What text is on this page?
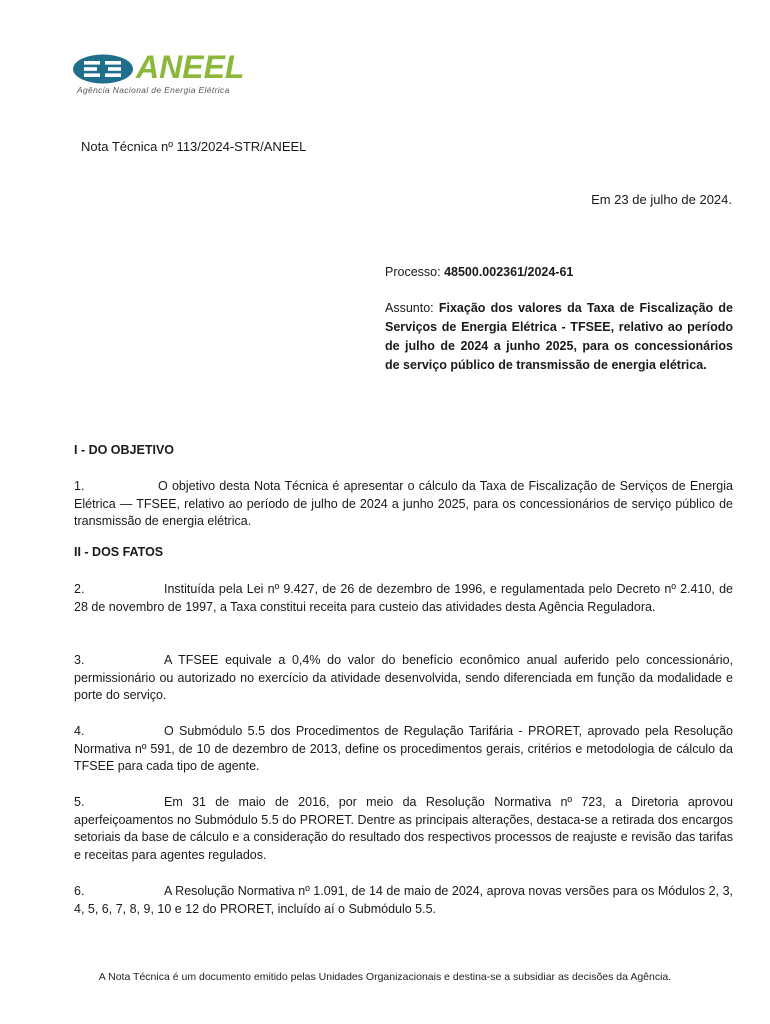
ANEEL
Agência Nacional de Energia Elétrica
Nota Técnica nº 113/2024-STR/ANEEL
Em 23 de julho de 2024.
Processo: 48500.002361/2024-61
Assunto: Fixação dos valores da Taxa de Fiscalização de Serviços de Energia Elétrica - TFSEE, relativo ao período de julho de 2024 a junho 2025, para os concessionários de serviço público de transmissão de energia elétrica.
I - DO OBJETIVO
1.	O objetivo desta Nota Técnica é apresentar o cálculo da Taxa de Fiscalização de Serviços de Energia Elétrica — TFSEE, relativo ao período de julho de 2024 a junho 2025, para os concessionários de serviço público de transmissão de energia elétrica.
II - DOS FATOS
2.	Instituída pela Lei nº 9.427, de 26 de dezembro de 1996, e regulamentada pelo Decreto nº 2.410, de 28 de novembro de 1997, a Taxa constitui receita para custeio das atividades desta Agência Reguladora.
3.	A TFSEE equivale a 0,4% do valor do benefício econômico anual auferido pelo concessionário, permissionário ou autorizado no exercício da atividade desenvolvida, sendo diferenciada em função da modalidade e porte do serviço.
4.	O Submódulo 5.5 dos Procedimentos de Regulação Tarifária - PRORET, aprovado pela Resolução Normativa nº 591, de 10 de dezembro de 2013, define os procedimentos gerais, critérios e metodologia de cálculo da TFSEE para cada tipo de agente.
5.	Em 31 de maio de 2016, por meio da Resolução Normativa nº 723, a Diretoria aprovou aperfeiçoamentos no Submódulo 5.5 do PRORET. Dentre as principais alterações, destaca-se a retirada dos encargos setoriais da base de cálculo e a consideração do resultado dos respectivos processos de reajuste e revisão das tarifas e receitas para agentes regulados.
6.	A Resolução Normativa nº 1.091, de 14 de maio de 2024, aprova novas versões para os Módulos 2, 3, 4, 5, 6, 7, 8, 9, 10 e 12 do PRORET, incluído aí o Submódulo 5.5.
A Nota Técnica é um documento emitido pelas Unidades Organizacionais e destina-se a subsidiar as decisões da Agência.
